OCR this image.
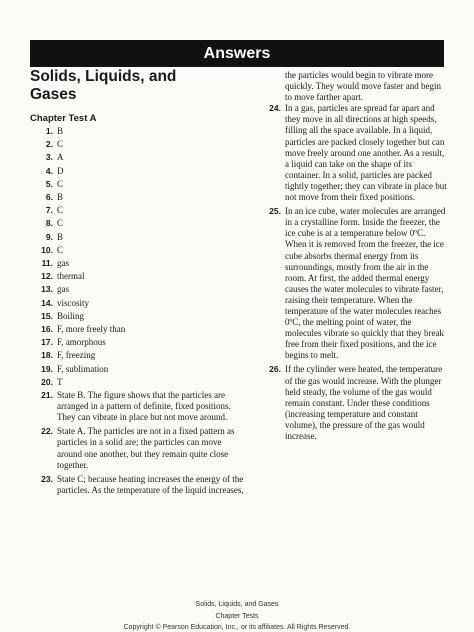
Answers
Solids, Liquids, and
Gases
Chapter Test A
1. B
2. C
3. A
4. D
5. C
6. B
7. C
8. C
9. B
10. C
11. gas
12. thermal
13. gas
14. viscosity
15. Boiling
16. F, more freely than
17. F, amorphous
18. F, freezing
19. F, sublimation
20. T
21. State B. The figure shows that the particles are arranged in a pattern of definite, fixed positions. They can vibrate in place but not move around.
22. State A. The particles are not in a fixed pattern as particles in a solid are; the particles can move around one another, but they remain quite close together.
23. State C; because heating increases the energy of the particles. As the temperature of the liquid increases,
the particles would begin to vibrate more quickly. They would move faster and begin to move farther apart.
24. In a gas, particles are spread far apart and they move in all directions at high speeds, filling all the space available. In a liquid, particles are packed closely together but can move freely around one another. As a result, a liquid can take on the shape of its container. In a solid, particles are packed tightly together; they can vibrate in place but not move from their fixed positions.
25. In an ice cube, water molecules are arranged in a crystalline form. Inside the freezer, the ice cube is at a temperature below 0ºC. When it is removed from the freezer, the ice cube absorbs thermal energy from its surroundings, mostly from the air in the room. At first, the added thermal energy causes the water molecules to vibrate faster, raising their temperature. When the temperature of the water molecules reaches 0ºC, the melting point of water, the molecules vibrate so quickly that they break free from their fixed positions, and the ice begins to melt.
26. If the cylinder were heated, the temperature of the gas would increase. With the plunger held steady, the volume of the gas would remain constant. Under these conditions (increasing temperature and constant volume), the pressure of the gas would increase.
Solids, Liquids, and Gases
Chapter Tests
Copyright © Pearson Education, Inc., or its affiliates. All Rights Reserved.
